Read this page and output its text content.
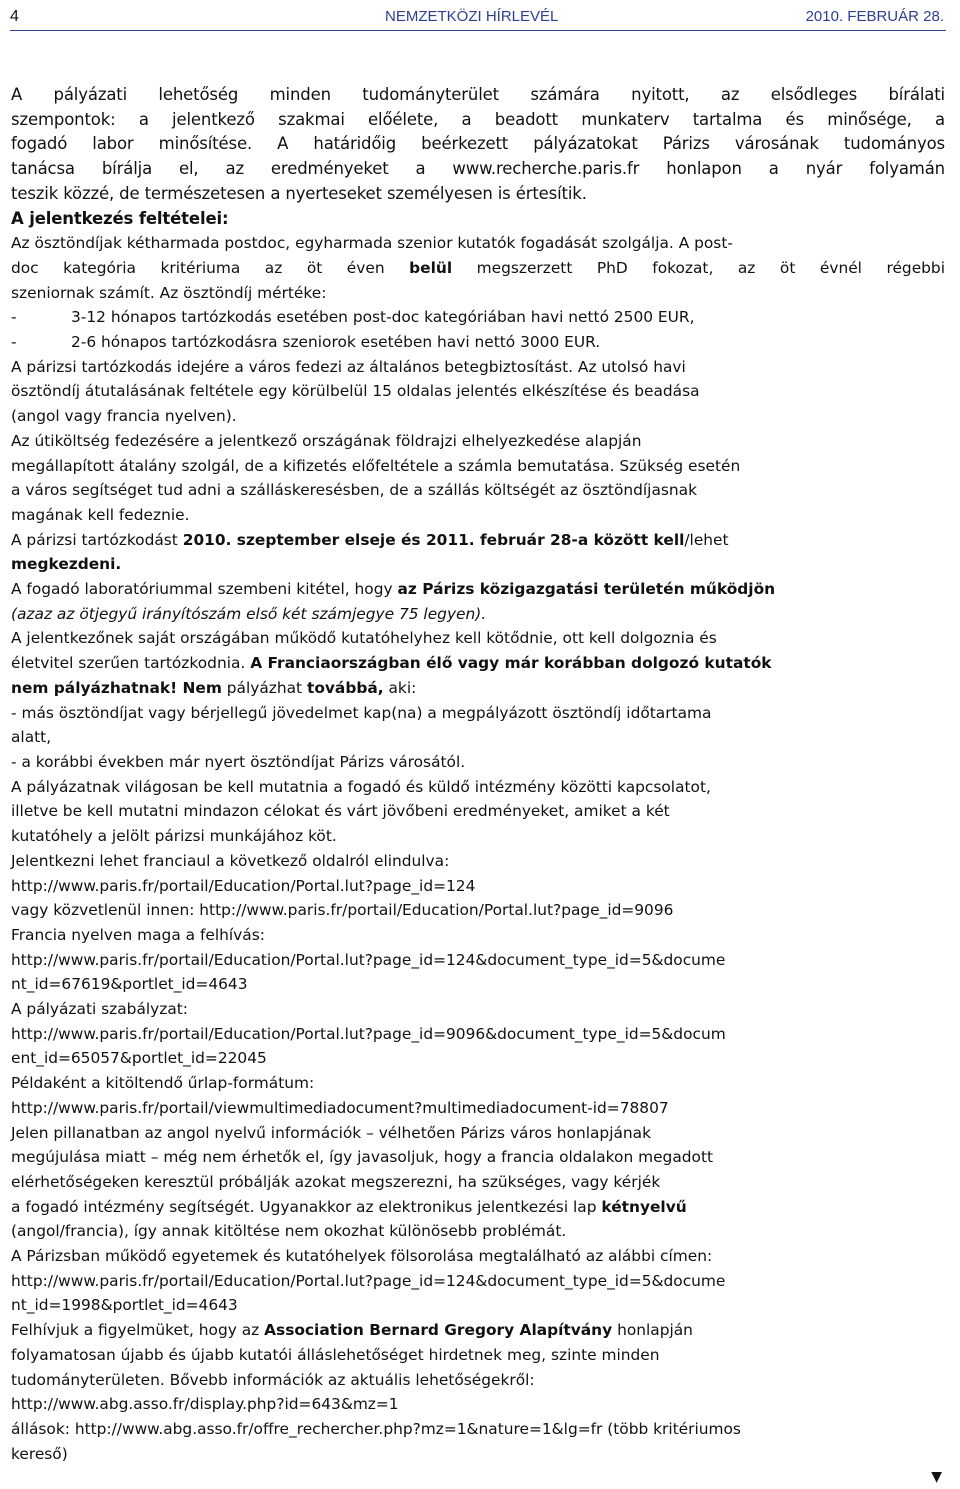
4	NEMZETKÖZI HÍRLEVÉL	2010. FEBRUÁR 28.
A pályázati lehetőség minden tudományterület számára nyitott, az elsődleges bírálati
szempontok: a jelentkező szakmai előélete, a beadott munkaterv tartalma és minősége, a
fogadó labor minősítése. A határidőig beérkezett pályázatokat Párizs városának tudományos
tanácsa bírálja el, az eredményeket a www.recherche.paris.fr honlapon a nyár folyamán
teszik közzé, de természetesen a nyerteseket személyesen is értesítik.
A jelentkezés feltételei:
Az ösztöndíjak kétharmada postdoc, egyharmada szenior kutatók fogadását szolgálja. A post-
doc kategória kritériuma az öt éven belül megszerzett PhD fokozat, az öt évnél régebbi
szeniornak számít. Az ösztöndíj mértéke:
-	3-12 hónapos tartózkodás esetében post-doc kategóriában havi nettó 2500 EUR,
-	2-6 hónapos tartózkodásra szeniorok esetében havi nettó 3000 EUR.
A párizsi tartózkodás idejére a város fedezi az általános betegbiztosítást. Az utolsó havi
ösztöndíj átutalásának feltétele egy körülbelül 15 oldalas jelentés elkészítése és beadása
(angol vagy francia nyelven).
Az útiköltség fedezésére a jelentkező országának földrajzi elhelyezkedése alapján
megállapított átalány szolgál, de a kifizetés előfeltétele a számla bemutatása. Szükség esetén
a város segítséget tud adni a szálláskeresésben, de a szállás költségét az ösztöndíjasnak
magának kell fedeznie.
A párizsi tartózkodást 2010. szeptember elseje és 2011. február 28-a között kell/lehet
megkezdeni.
A fogadó laboratóriummal szembeni kitétel, hogy az Párizs közigazgatási területén működjön
(azaz az ötjegyű irányítószám első két számjegye 75 legyen).
A jelentkezőnek saját országában működő kutatóhelyhez kell kötődnie, ott kell dolgoznia és
életvitel szerűen tartózkodnia. A Franciaországban élő vagy már korábban dolgozó kutatók
nem pályázhatnak! Nem pályázhat továbbá, aki:
- más ösztöndíjat vagy bérjellegű jövedelmet kap(na) a megpályázott ösztöndíj időtartama
alatt,
- a korábbi években már nyert ösztöndíjat Párizs városától.
A pályázatnak világosan be kell mutatnia a fogadó és küldő intézmény közötti kapcsolatot,
illetve be kell mutatni mindazon célokat és várt jövőbeni eredményeket, amiket a két
kutatóhely a jelölt párizsi munkájához köt.
Jelentkezni lehet franciaul a következő oldalról elindulva:
http://www.paris.fr/portail/Education/Portal.lut?page_id=124
vagy közvetlenül innen: http://www.paris.fr/portail/Education/Portal.lut?page_id=9096
Francia nyelven maga a felhívás:
http://www.paris.fr/portail/Education/Portal.lut?page_id=124&document_type_id=5&docume
nt_id=67619&portlet_id=4643
A pályázati szabályzat:
http://www.paris.fr/portail/Education/Portal.lut?page_id=9096&document_type_id=5&docum
ent_id=65057&portlet_id=22045
Példaként a kitöltendő űrlap-formátum:
http://www.paris.fr/portail/viewmultimediadocument?multimediadocument-id=78807
Jelen pillanatban az angol nyelvű információk – vélhetően Párizs város honlapjának
megújulása miatt – még nem érhetők el, így javasoljuk, hogy a francia oldalakon megadott
elérhetőségeken keresztül próbálják azokat megszerezni, ha szükséges, vagy kérjék
a fogadó intézmény segítségét. Ugyanakkor az elektronikus jelentkezési lap kétnyelvű
(angol/francia), így annak kitöltése nem okozhat különösebb problémát.
A Párizsban működő egyetemek és kutatóhelyek fölsorolása megtalálható az alábbi címen:
http://www.paris.fr/portail/Education/Portal.lut?page_id=124&document_type_id=5&docume
nt_id=1998&portlet_id=4643
Felhívjuk a figyelmüket, hogy az Association Bernard Gregory Alapítvány honlapján
folyamatosan újabb és újabb kutatói álláslehetőséget hirdetnek meg, szinte minden
tudományterületen. Bővebb információk az aktuális lehetőségekről:
http://www.abg.asso.fr/display.php?id=643&mz=1
állások: http://www.abg.asso.fr/offre_rechercher.php?mz=1&nature=1&lg=fr (több kritériumos
kereső)
▼
